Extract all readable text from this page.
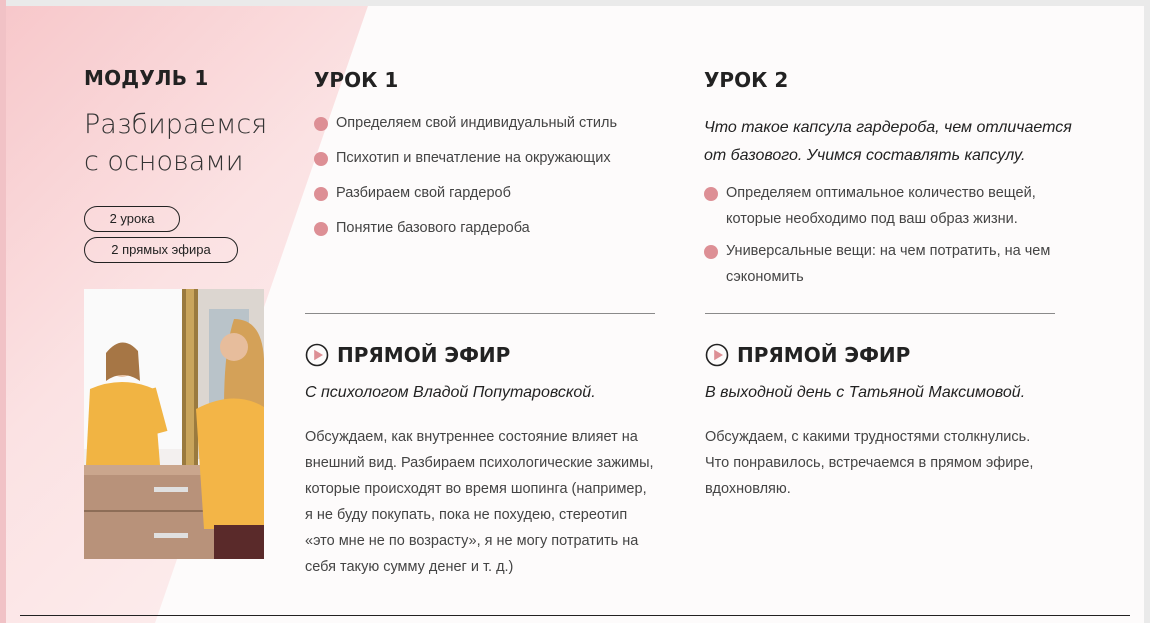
МОДУЛЬ 1
Разбираемся с основами
2 урока
2 прямых эфира
УРОК 1
Определяем свой индивидуальный стиль
Психотип и впечатление на окружающих
Разбираем свой гардероб
Понятие базового гардероба
УРОК 2
Что такое капсула гардероба, чем отличается от базового. Учимся составлять капсулу.
Определяем оптимальное количество вещей, которые необходимо под ваш образ жизни.
Универсальные вещи: на чем потратить, на чем сэкономить
ПРЯМОЙ ЭФИР
С психологом Владой Попутаровской.
Обсуждаем, как внутреннее состояние влияет на внешний вид. Разбираем психологические зажимы, которые происходят во время шопинга (например, я не буду покупать, пока не похудею, стереотип «это мне не по возрасту», я не могу потратить на себя такую сумму денег и т. д.)
ПРЯМОЙ ЭФИР
В выходной день с Татьяной Максимовой.
Обсуждаем, с какими трудностями столкнулись. Что понравилось, встречаемся в прямом эфире, вдохновляю.
